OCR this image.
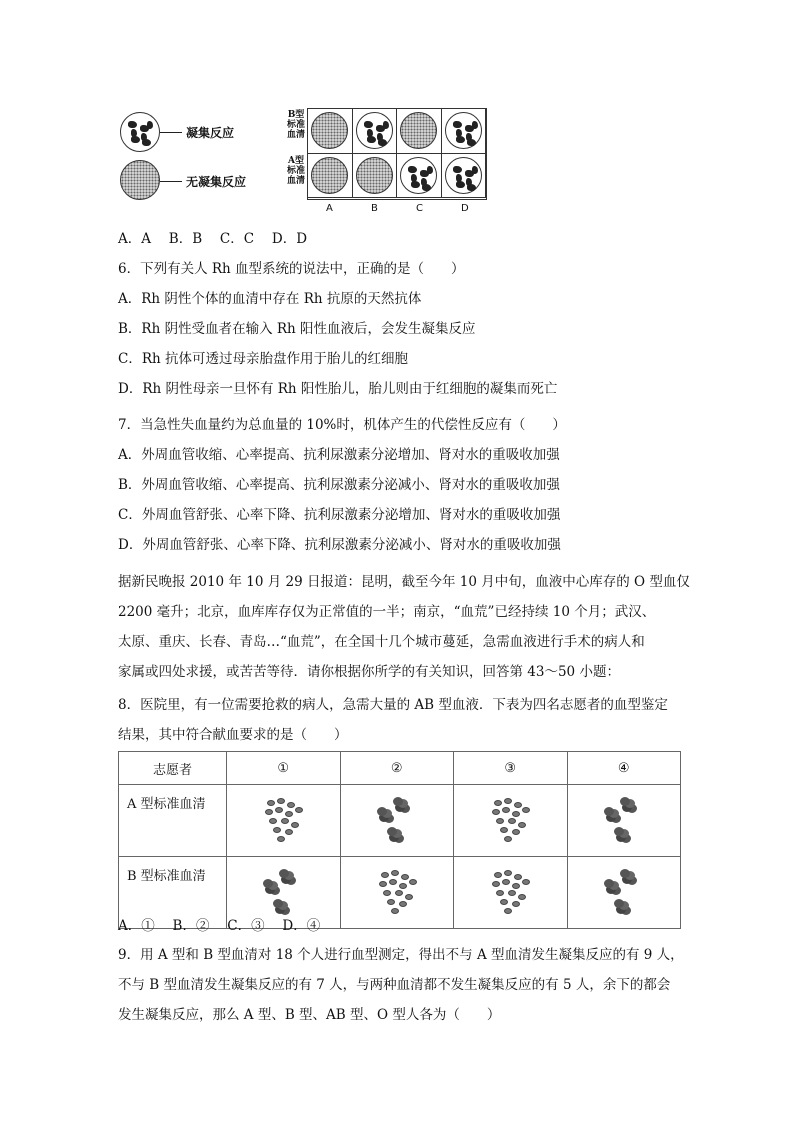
凝集反应
无凝集反应
B型标准血清
A型标准血清
A	B	C	D
A．A　 B．B　 C．C　 D．D
6．下列有关人 Rh 血型系统的说法中，正确的是（　　）
A．Rh 阴性个体的血清中存在 Rh 抗原的天然抗体
B．Rh 阴性受血者在输入 Rh 阳性血液后，会发生凝集反应
C．Rh 抗体可透过母亲胎盘作用于胎儿的红细胞
D．Rh 阴性母亲一旦怀有 Rh 阳性胎儿，胎儿则由于红细胞的凝集而死亡
7．当急性失血量约为总血量的 10%时，机体产生的代偿性反应有（　　）
A．外周血管收缩、心率提高、抗利尿激素分泌增加、肾对水的重吸收加强
B．外周血管收缩、心率提高、抗利尿激素分泌减小、肾对水的重吸收加强
C．外周血管舒张、心率下降、抗利尿激素分泌增加、肾对水的重吸收加强
D．外周血管舒张、心率下降、抗利尿激素分泌减小、肾对水的重吸收加强
据新民晚报 2010 年 10 月 29 日报道：昆明，截至今年 10 月中旬，血液中心库存的 O 型血仅
2200 毫升；北京，血库库存仅为正常值的一半；南京，“血荒”已经持续 10 个月；武汉、
太原、重庆、长春、青岛…“血荒”，在全国十几个城市蔓延，急需血液进行手术的病人和
家属或四处求援，或苦苦等待．请你根据你所学的有关知识，回答第 43～50 小题：
8．医院里，有一位需要抢救的病人，急需大量的 AB 型血液．下表为四名志愿者的血型鉴定
结果，其中符合献血要求的是（　　）
志愿者	①	②	③	④
A 型标准血清	

B 型标准血清	

A．①　 B．②　 C．③　 D．④
9．用 A 型和 B 型血清对 18 个人进行血型测定，得出不与 A 型血清发生凝集反应的有 9 人，
不与 B 型血清发生凝集反应的有 7 人，与两种血清都不发生凝集反应的有 5 人，余下的都会
发生凝集反应，那么 A 型、B 型、AB 型、O 型人各为（　　）
